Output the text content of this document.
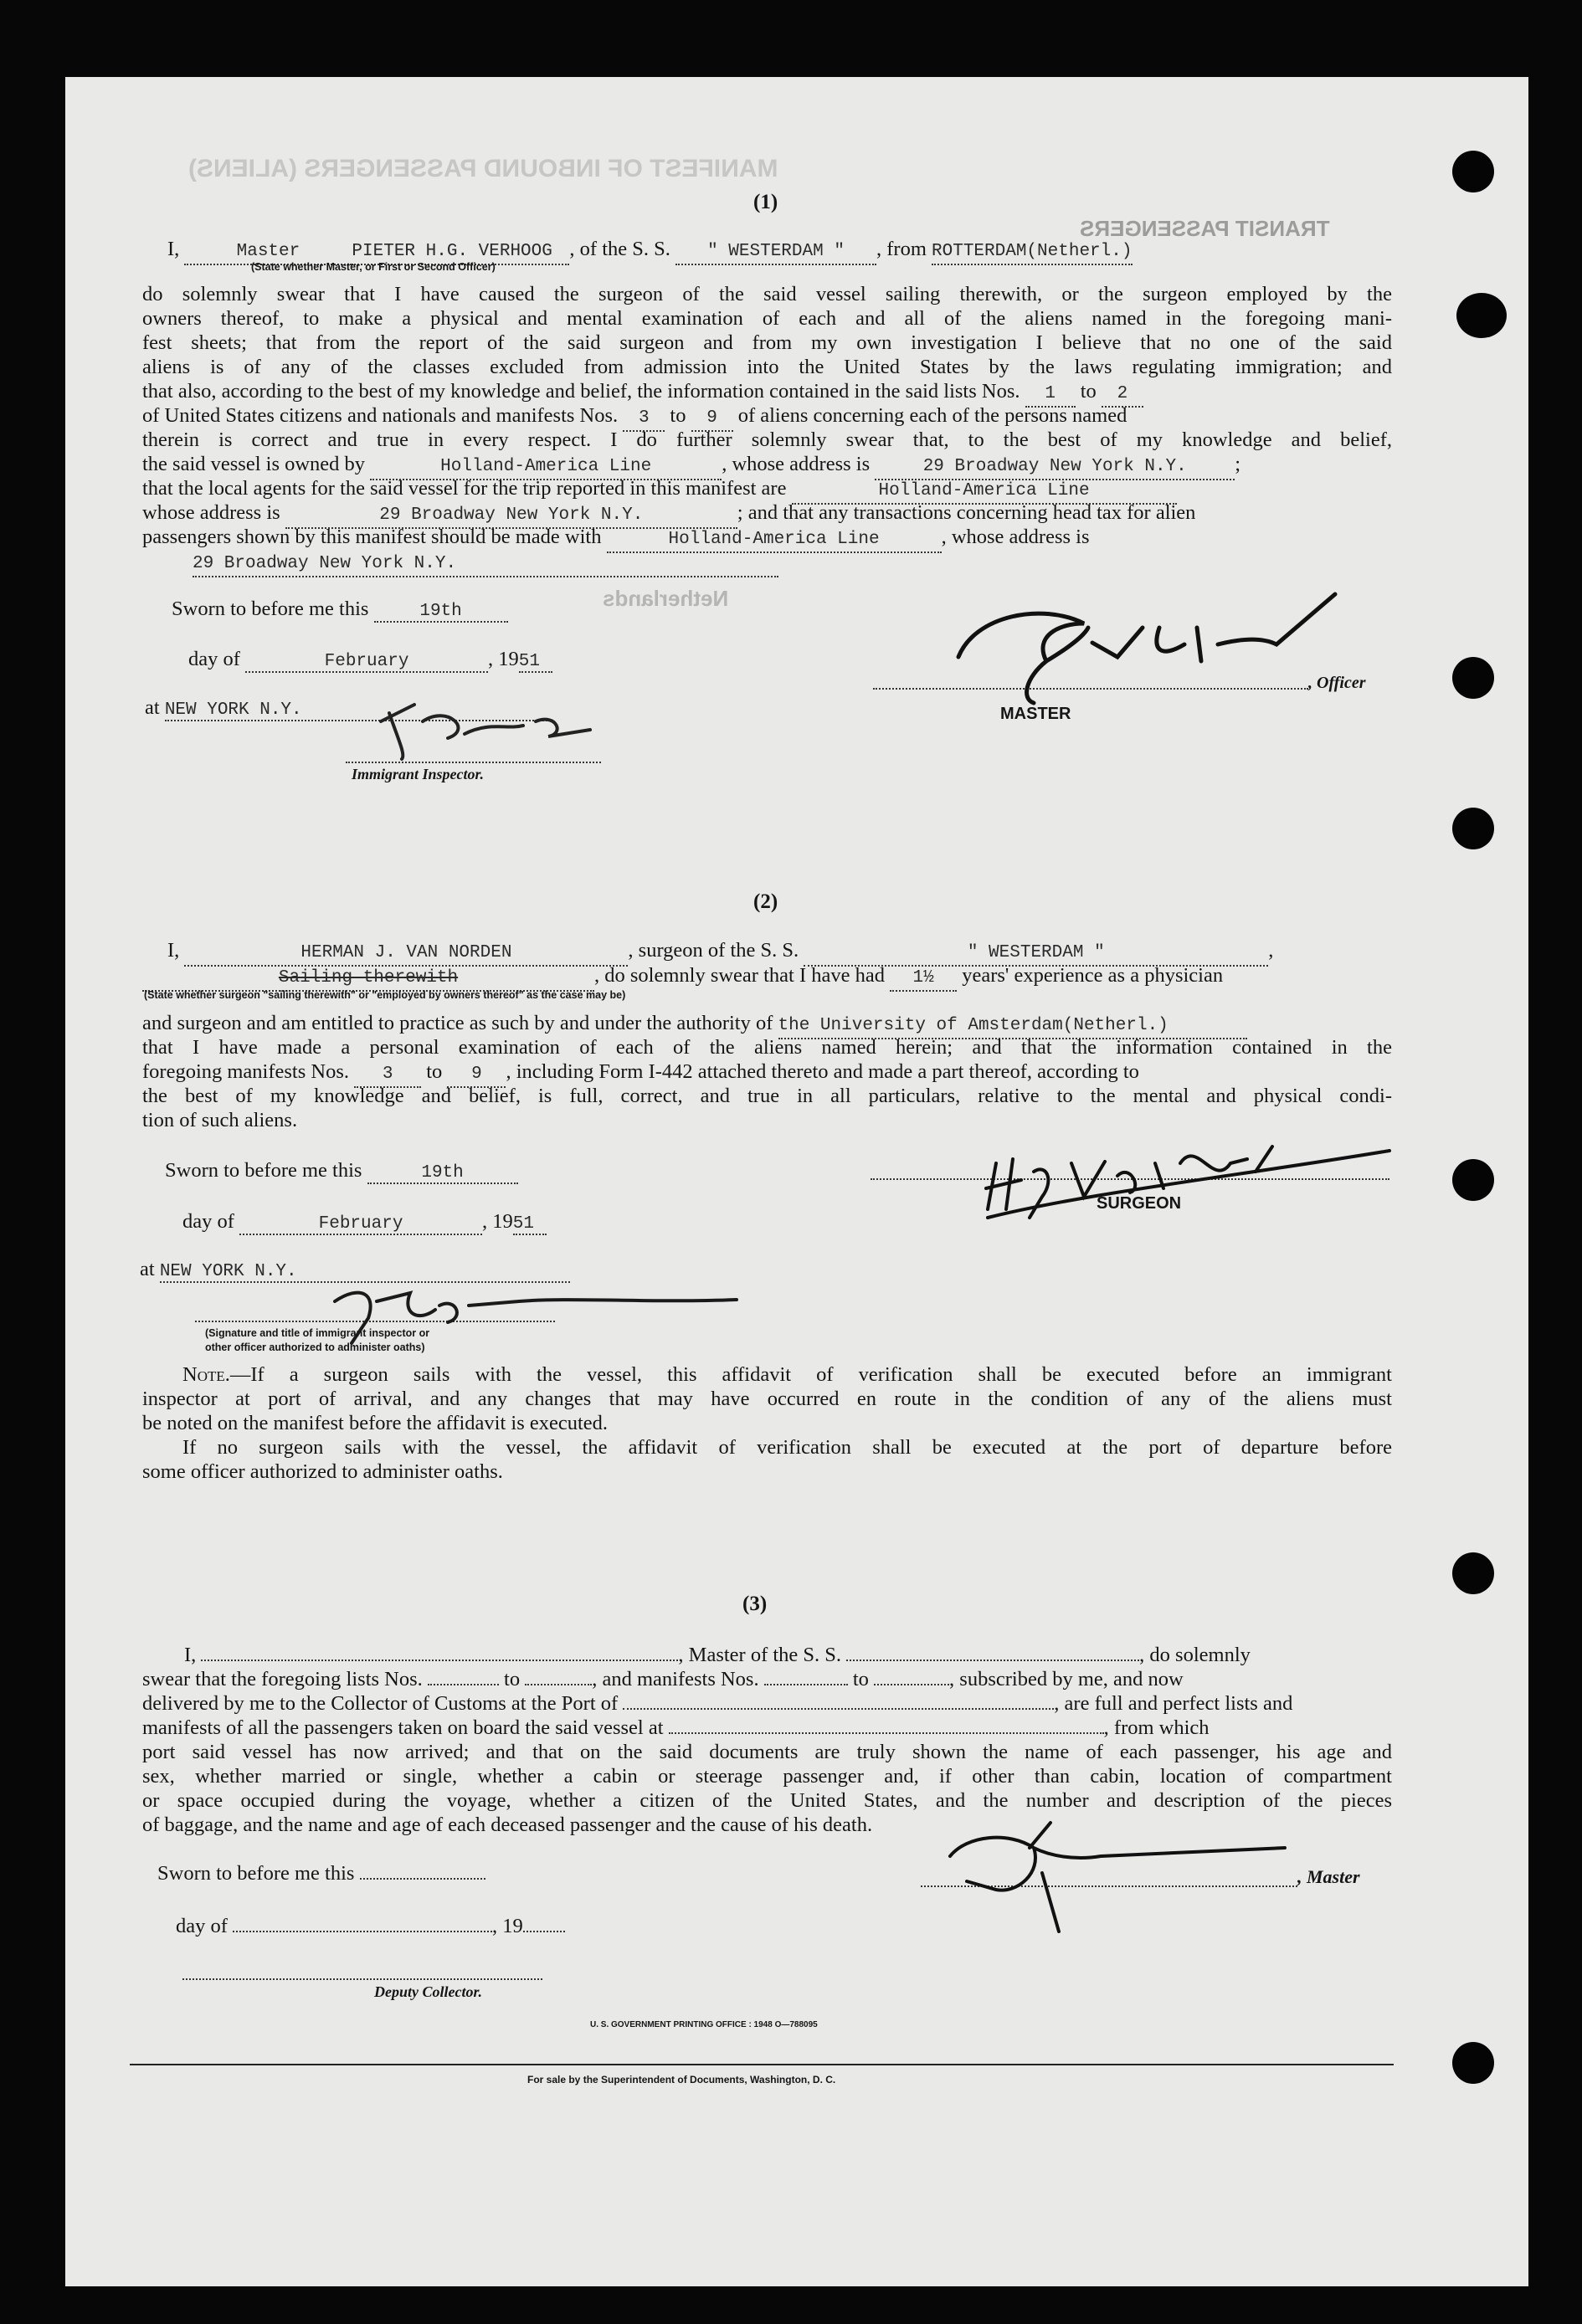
MANIFEST OF INBOUND PASSENGERS (ALIENS)
TRANSIT PASSENGERS
Netherlands
(1)
I,	Master	PIETER H.G. VERHOOG , of the S. S. " WESTERDAM " , from ROTTERDAM(Netherl.)
(State whether Master, or First or Second Officer)
do solemnly swear that I have caused the surgeon of the said vessel sailing therewith, or the surgeon employed by the
owners thereof, to make a physical and mental examination of each and all of the aliens named in the foregoing mani-
fest sheets; that from the report of the said surgeon and from my own investigation I believe that no one of the said
aliens is of any of the classes excluded from admission into the United States by the laws regulating immigration; and
that also, according to the best of my knowledge and belief, the information contained in the said lists Nos. 1 to 2
of United States citizens and nationals and manifests Nos. 3 to 9 of aliens concerning each of the persons named
therein is correct and true in every respect. I do further solemnly swear that, to the best of my knowledge and belief,
the said vessel is owned by	Holland-America Line	, whose address is	29 Broadway New York N.Y. ;
that the local agents for the said vessel for the trip reported in this manifest are	Holland-America Line
whose address is	29 Broadway New York N.Y.	; and that any transactions concerning head tax for alien
passengers shown by this manifest should be made with	Holland-America Line	, whose address is
29 Broadway New York N.Y.
Sworn to before me this	19th
day of	February	, 1951
at NEW YORK N.Y.
Immigrant Inspector.
, Officer
MASTER
(2)
I,	HERMAN J. VAN NORDEN	, surgeon of the S. S.	" WESTERDAM "	,
Sailing therewith	, do solemnly swear that I have had 1½ years' experience as a physician
(State whether surgeon "sailing therewith" or "employed by owners thereof" as the case may be)
and surgeon and am entitled to practice as such by and under the authority of the University of Amsterdam(Netherl.)
that I have made a personal examination of each of the aliens named herein; and that the information contained in the
foregoing manifests Nos. 3 to 9 , including Form I-442 attached thereto and made a part thereof, according to
the best of my knowledge and belief, is full, correct, and true in all particulars, relative to the mental and physical condi-
tion of such aliens.
Sworn to before me this	19th
day of	February	, 1951
at NEW YORK N.Y.
(Signature and title of immigrant inspector or
other officer authorized to administer oaths)
SURGEON
Note.—If a surgeon sails with the vessel, this affidavit of verification shall be executed before an immigrant
inspector at port of arrival, and any changes that may have occurred en route in the condition of any of the aliens must
be noted on the manifest before the affidavit is executed.
If no surgeon sails with the vessel, the affidavit of verification shall be executed at the port of departure before
some officer authorized to administer oaths.
(3)
I,	, Master of the S. S.	, do solemnly
swear that the foregoing lists Nos.	to	, and manifests Nos.	to	, subscribed by me, and now
delivered by me to the Collector of Customs at the Port of	, are full and perfect lists and
manifests of all the passengers taken on board the said vessel at	, from which
port said vessel has now arrived; and that on the said documents are truly shown the name of each passenger, his age and
sex, whether married or single, whether a cabin or steerage passenger and, if other than cabin, location of compartment
or space occupied during the voyage, whether a citizen of the United States, and the number and description of the pieces
of baggage, and the name and age of each deceased passenger and the cause of his death.
Sworn to before me this	, Master
day of	, 19
Deputy Collector.
U. S. GOVERNMENT PRINTING OFFICE : 1948 O—788095
For sale by the Superintendent of Documents, Washington, D. C.
